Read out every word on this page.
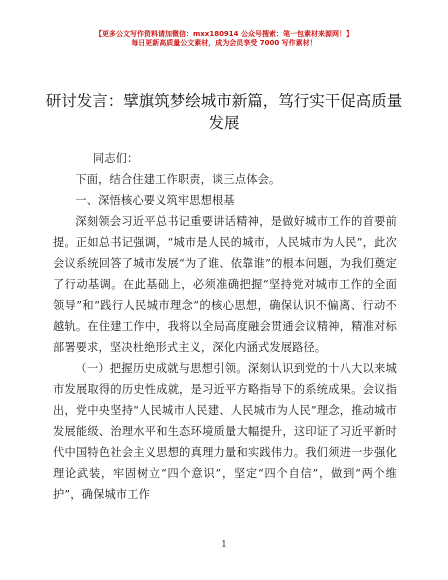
【更多公文写作资料请加微信：mxx180914 公众号搜索：笔一包素材来源网！】
每日更新高质量公文素材，成为会员享受 7000 写作素材！
研讨发言：擘旗筑梦绘城市新篇，笃行实干促高质量发展

同志们：

下面，结合住建工作职责，谈三点体会。

一、深悟核心要义筑牢思想根基

深刻领会习近平总书记重要讲话精神，是做好城市工作的首要前提。正如总书记强调，“城市是人民的城市，人民城市为人民”，此次会议系统回答了城市发展“为了谁、依靠谁”的根本问题，为我们奠定了行动基调。在此基础上，必须准确把握“坚持党对城市工作的全面领导”和“践行人民城市理念”的核心思想，确保认识不偏离、行动不越轨。在住建工作中，我将以全局高度融会贯通会议精神，精准对标部署要求，坚决杜绝形式主义，深化内涵式发展路径。

（一）把握历史成就与思想引领。深刻认识到党的十八大以来城市发展取得的历史性成就，是习近平方略指导下的系统成果。会议指出，党中央坚持“人民城市人民建、人民城市为人民”理念，推动城市发展能级、治理水平和生态环境质量大幅提升，这印证了习近平新时代中国特色社会主义思想的真理力量和实践伟力。我们须进一步强化理论武装，牢固树立“四个意识”，坚定“四个自信”，做到“两个维护”，确保城市工作

1
